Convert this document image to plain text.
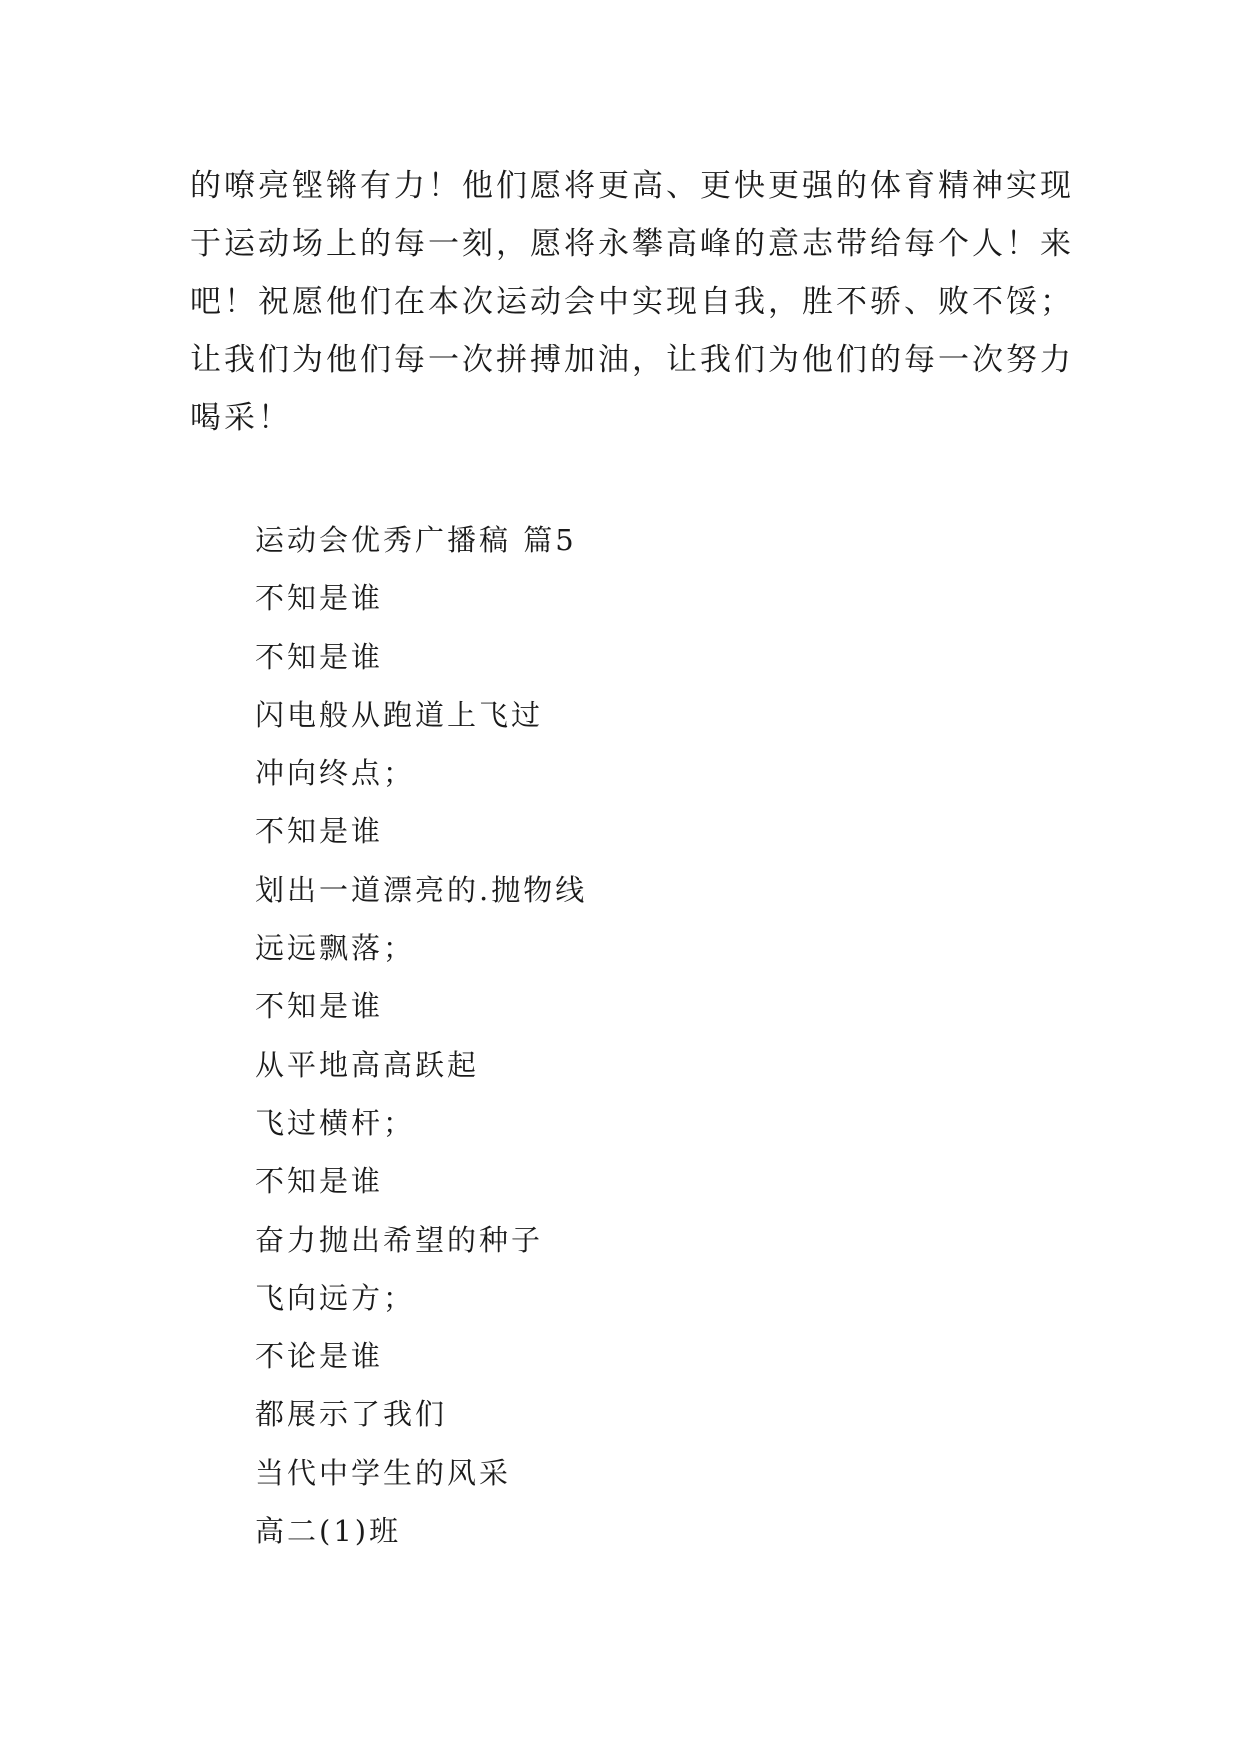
的嘹亮铿锵有力！他们愿将更高、更快更强的体育精神实现
于运动场上的每一刻，愿将永攀高峰的意志带给每个人！来
吧！祝愿他们在本次运动会中实现自我，胜不骄、败不馁；
让我们为他们每一次拼搏加油，让我们为他们的每一次努力
喝采！
运动会优秀广播稿 篇5
不知是谁
不知是谁
闪电般从跑道上飞过
冲向终点；
不知是谁
划出一道漂亮的.抛物线
远远飘落；
不知是谁
从平地高高跃起
飞过横杆；
不知是谁
奋力抛出希望的种子
飞向远方；
不论是谁
都展示了我们
当代中学生的风采
高二(1)班
